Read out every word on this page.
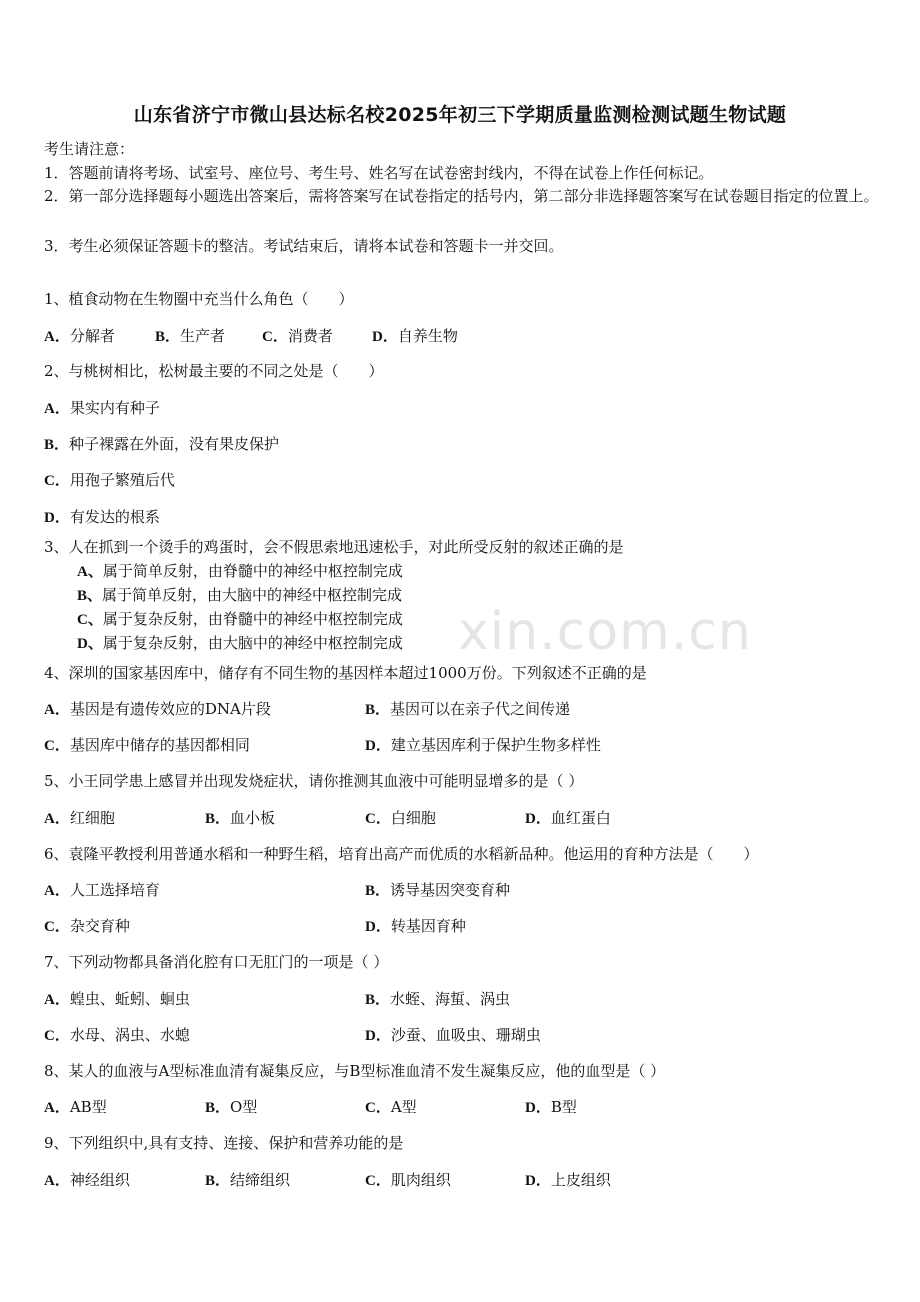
山东省济宁市微山县达标名校2025年初三下学期质量监测检测试题生物试题
考生请注意：
1．答题前请将考场、试室号、座位号、考生号、姓名写在试卷密封线内，不得在试卷上作任何标记。
2．第一部分选择题每小题选出答案后，需将答案写在试卷指定的括号内，第二部分非选择题答案写在试卷题目指定的位置上。
3．考生必须保证答题卡的整洁。考试结束后，请将本试卷和答题卡一并交回。
1、植食动物在生物圈中充当什么角色（　　）
A．分解者	B．生产者 C．消费者	D．自养生物
2、与桃树相比，松树最主要的不同之处是（　　）
A．果实内有种子
B．种子裸露在外面，没有果皮保护
C．用孢子繁殖后代
D．有发达的根系
3、人在抓到一个烫手的鸡蛋时，会不假思索地迅速松手，对此所受反射的叙述正确的是
A、属于简单反射，由脊髓中的神经中枢控制完成
B、属于简单反射，由大脑中的神经中枢控制完成
C、属于复杂反射，由脊髓中的神经中枢控制完成
D、属于复杂反射，由大脑中的神经中枢控制完成 xin.com.cn
4、深圳的国家基因库中，储存有不同生物的基因样本超过1000万份。下列叙述不正确的是
A．基因是有遗传效应的DNA片段	B．基因可以在亲子代之间传递
C．基因库中储存的基因都相同	D．建立基因库利于保护生物多样性
5、小王同学患上感冒并出现发烧症状，请你推测其血液中可能明显增多的是（ ）
A．红细胞	B．血小板	C．白细胞	D．血红蛋白
6、袁隆平教授利用普通水稻和一种野生稻，培育出高产而优质的水稻新品种。他运用的育种方法是（　　）
A．人工选择培育	B．诱导基因突变育种
C．杂交育种	D．转基因育种
7、下列动物都具备消化腔有口无肛门的一项是（ ）
A．蝗虫、蚯蚓、蛔虫	B．水蛭、海蜇、涡虫
C．水母、涡虫、水螅	D．沙蚕、血吸虫、珊瑚虫
8、某人的血液与A型标准血清有凝集反应，与B型标准血清不发生凝集反应，他的血型是（ ）
A．AB型	B．O型	C．A型	D．B型
9、下列组织中,具有支持、连接、保护和营养功能的是
A．神经组织	B．结缔组织	C．肌肉组织	D．上皮组织
